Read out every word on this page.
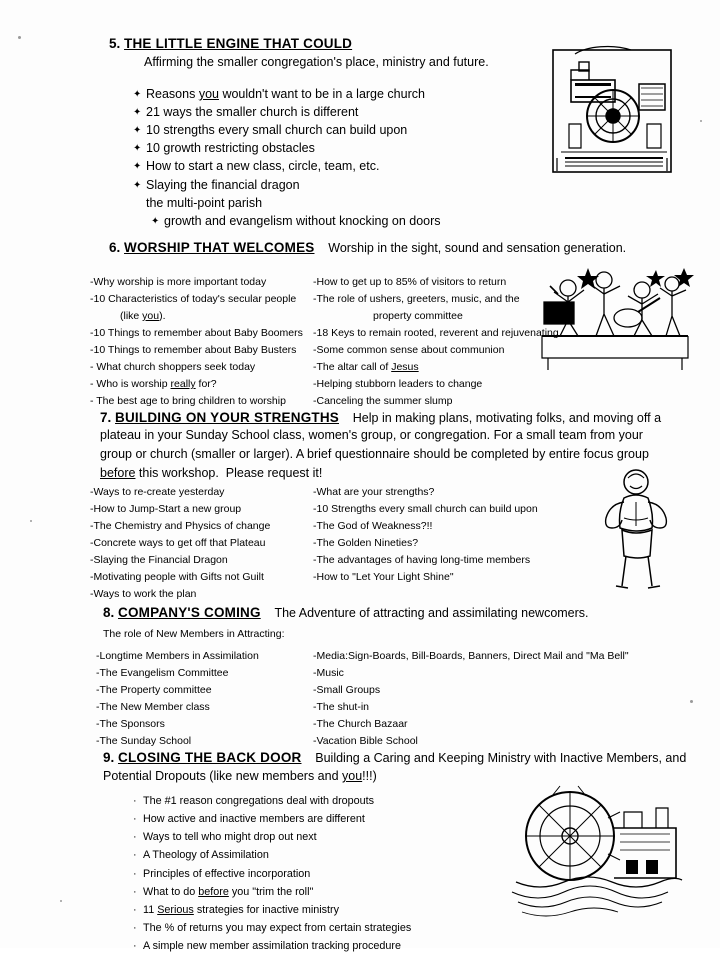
5. THE LITTLE ENGINE THAT COULD
Affirming the smaller congregation's place, ministry and future.
✦ Reasons you wouldn't want to be in a large church
✦ 21 ways the smaller church is different
✦ 10 strengths every small church can build upon
✦ 10 growth restricting obstacles
✦ How to start a new class, circle, team, etc.
✦ Slaying the financial dragon
the multi-point parish
✦ growth and evangelism without knocking on doors
6. WORSHIP THAT WELCOMES Worship in the sight, sound and sensation generation.
-Why worship is more important today
-10 Characteristics of today's secular people
(like you).
-10 Things to remember about Baby Boomers
-10 Things to remember about Baby Busters
- What church shoppers seek today
- Who is worship really for?
- The best age to bring children to worship
-How to get up to 85% of visitors to return
-The role of ushers, greeters, music, and the
property committee
-18 Keys to remain rooted, reverent and rejuvenating
-Some common sense about communion
-The altar call of Jesus
-Helping stubborn leaders to change
-Canceling the summer slump
7. BUILDING ON YOUR STRENGTHS Help in making plans, motivating folks, and moving off a
plateau in your Sunday School class, women's group, or congregation. For a small team from your
group or church (smaller or larger). A brief questionnaire should be completed by entire focus group
before this workshop.  Please request it!
-Ways to re-create yesterday
-How to Jump-Start a new group
-The Chemistry and Physics of change
-Concrete ways to get off that Plateau
-Slaying the Financial Dragon
-Motivating people with Gifts not Guilt
-Ways to work the plan
-What are your strengths?
-10 Strengths every small church can build upon
-The God of Weakness?!!
-The Golden Nineties?
-The advantages of having long-time members
-How to "Let Your Light Shine"
8. COMPANY'S COMING The Adventure of attracting and assimilating newcomers.
The role of New Members in Attracting:
-Longtime Members in Assimilation
-The Evangelism Committee
-The Property committee
-The New Member class
-The Sponsors
-The Sunday School
-Media:Sign-Boards, Bill-Boards, Banners, Direct Mail and "Ma Bell"
-Music
-Small Groups
-The shut-in
-The Church Bazaar
-Vacation Bible School
9. CLOSING THE BACK DOOR Building a Caring and Keeping Ministry with Inactive Members, and
Potential Dropouts (like new members and you!!!)
· The #1 reason congregations deal with dropouts
· How active and inactive members are different
· Ways to tell who might drop out next
· A Theology of Assimilation
· Principles of effective incorporation
· What to do before you "trim the roll"
· 11 Serious strategies for inactive ministry
· The % of returns you may expect from certain strategies
· A simple new member assimilation tracking procedure
